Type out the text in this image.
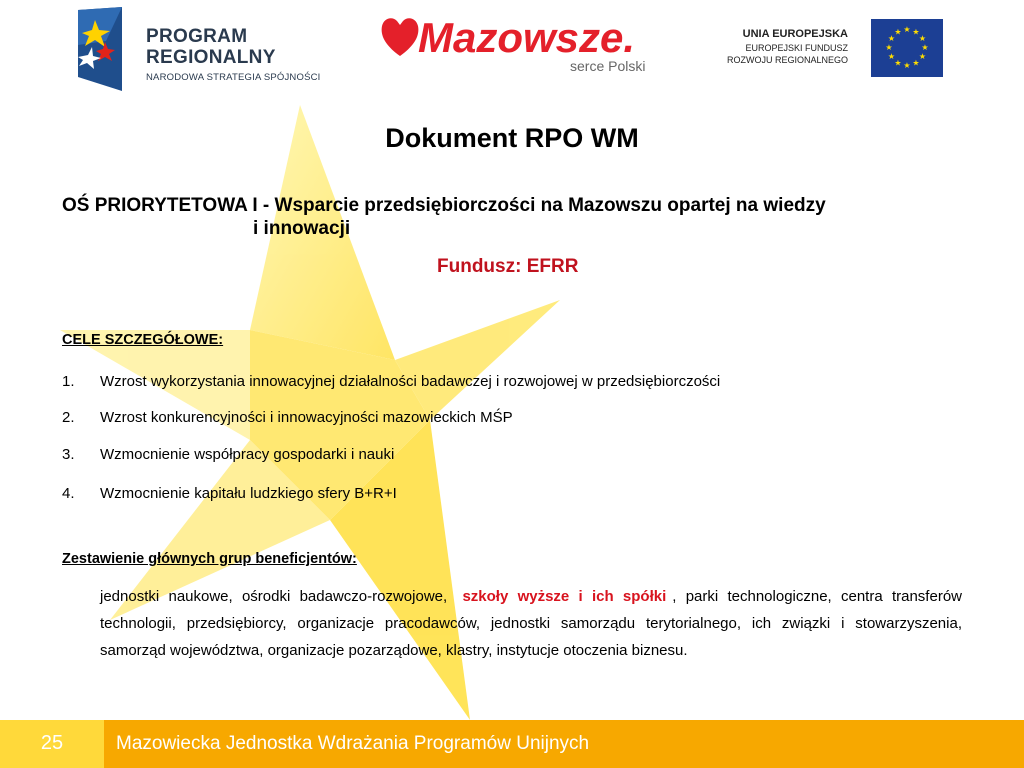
PROGRAM
REGIONALNY
NARODOWA STRATEGIA SPÓJNOŚCI
Mazowsze.
serce Polski
UNIA EUROPEJSKA
EUROPEJSKI FUNDUSZ
ROZWOJU REGIONALNEGO
★ ★
★
★
★
★
★
★
★
★
★
★
Dokument RPO WM
OŚ PRIORYTETOWA I - Wsparcie przedsiębiorczości na Mazowszu opartej na wiedzy
i innowacji
Fundusz: EFRR
CELE SZCZEGÓŁOWE:
1. Wzrost wykorzystania innowacyjnej działalności badawczej i rozwojowej w przedsiębiorczości
2. Wzrost konkurencyjności i innowacyjności mazowieckich MŚP
3. Wzmocnienie współpracy gospodarki i nauki
4. Wzmocnienie kapitału ludzkiego sfery B+R+I
Zestawienie głównych grup beneficjentów:
jednostki naukowe, ośrodki badawczo-rozwojowe, szkoły wyższe i ich spółki , parki technologiczne, centra transferów technologii, przedsiębiorcy, organizacje pracodawców, jednostki samorządu terytorialnego, ich związki i stowarzyszenia, samorząd województwa, organizacje pozarządowe, klastry, instytucje otoczenia biznesu.
25	Mazowiecka Jednostka Wdrażania Programów Unijnych
